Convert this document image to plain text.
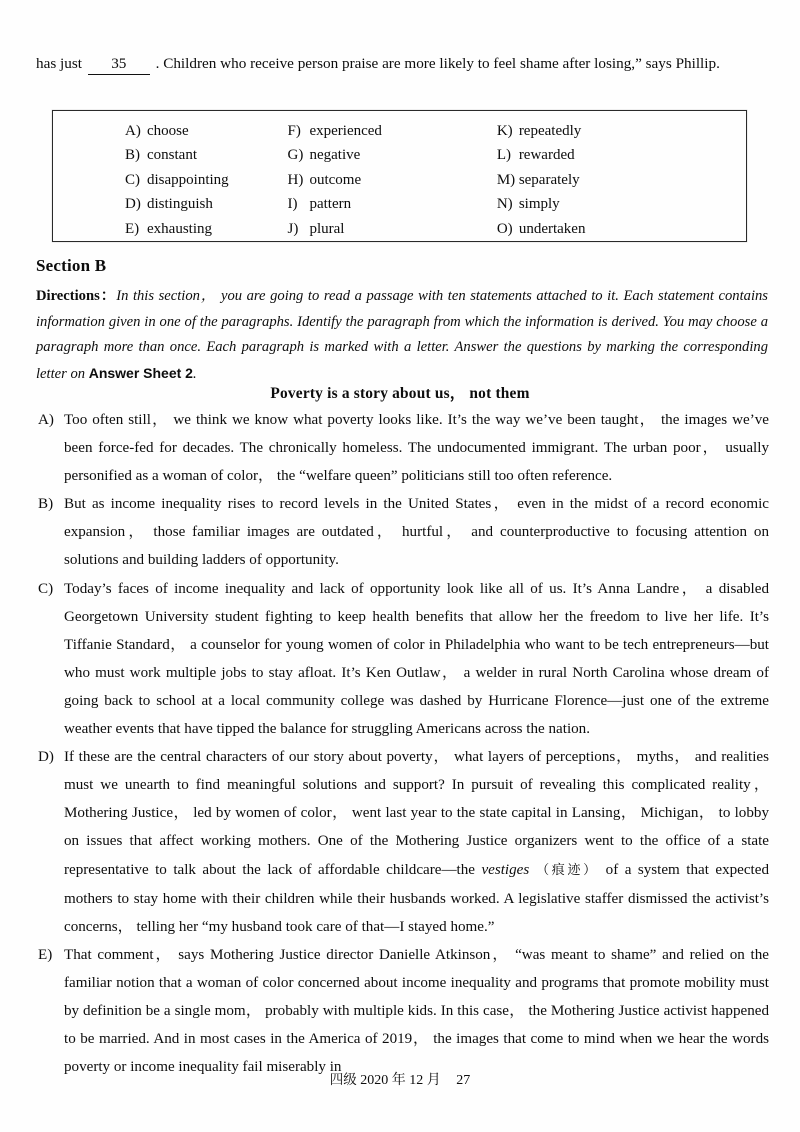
has just 35 . Children who receive person praise are more likely to feel shame after losing,” says Phillip.
A) choose
B) constant
C) disappointing
D) distinguish
E) exhausting
F) experienced
G) negative
H) outcome
I) pattern
J) plural
K) repeatedly
L) rewarded
M) separately
N) simply
O) undertaken
Section B
Directions：In this section， you are going to read a passage with ten statements attached to it. Each statement contains information given in one of the paragraphs. Identify the paragraph from which the information is derived. You may choose a paragraph more than once. Each paragraph is marked with a letter. Answer the questions by marking the corresponding letter on Answer Sheet 2.
Poverty is a story about us， not them
A) Too often still， we think we know what poverty looks like. It’s the way we’ve been taught， the images we’ve been force-fed for decades. The chronically homeless. The undocumented immigrant. The urban poor， usually personified as a woman of color， the “welfare queen” politicians still too often reference.
B) But as income inequality rises to record levels in the United States， even in the midst of a record economic expansion， those familiar images are outdated， hurtful， and counterproductive to focusing attention on solutions and building ladders of opportunity.
C) Today’s faces of income inequality and lack of opportunity look like all of us. It’s Anna Landre， a disabled Georgetown University student fighting to keep health benefits that allow her the freedom to live her life. It’s Tiffanie Standard， a counselor for young women of color in Philadelphia who want to be tech entrepreneurs—but who must work multiple jobs to stay afloat. It’s Ken Outlaw， a welder in rural North Carolina whose dream of going back to school at a local community college was dashed by Hurricane Florence—just one of the extreme weather events that have tipped the balance for struggling Americans across the nation.
D) If these are the central characters of our story about poverty， what layers of perceptions， myths， and realities must we unearth to find meaningful solutions and support? In pursuit of revealing this complicated reality， Mothering Justice， led by women of color， went last year to the state capital in Lansing， Michigan， to lobby on issues that affect working mothers. One of the Mothering Justice organizers went to the office of a state representative to talk about the lack of affordable childcare—the vestiges （痕迹） of a system that expected mothers to stay home with their children while their husbands worked. A legislative staffer dismissed the activist’s concerns， telling her “my husband took care of that—I stayed home.”
E) That comment， says Mothering Justice director Danielle Atkinson， “was meant to shame” and relied on the familiar notion that a woman of color concerned about income inequality and programs that promote mobility must by definition be a single mom， probably with multiple kids. In this case， the Mothering Justice activist happened to be married. And in most cases in the America of 2019， the images that come to mind when we hear the words poverty or income inequality fail miserably in
四级 2020 年 12 月 27
